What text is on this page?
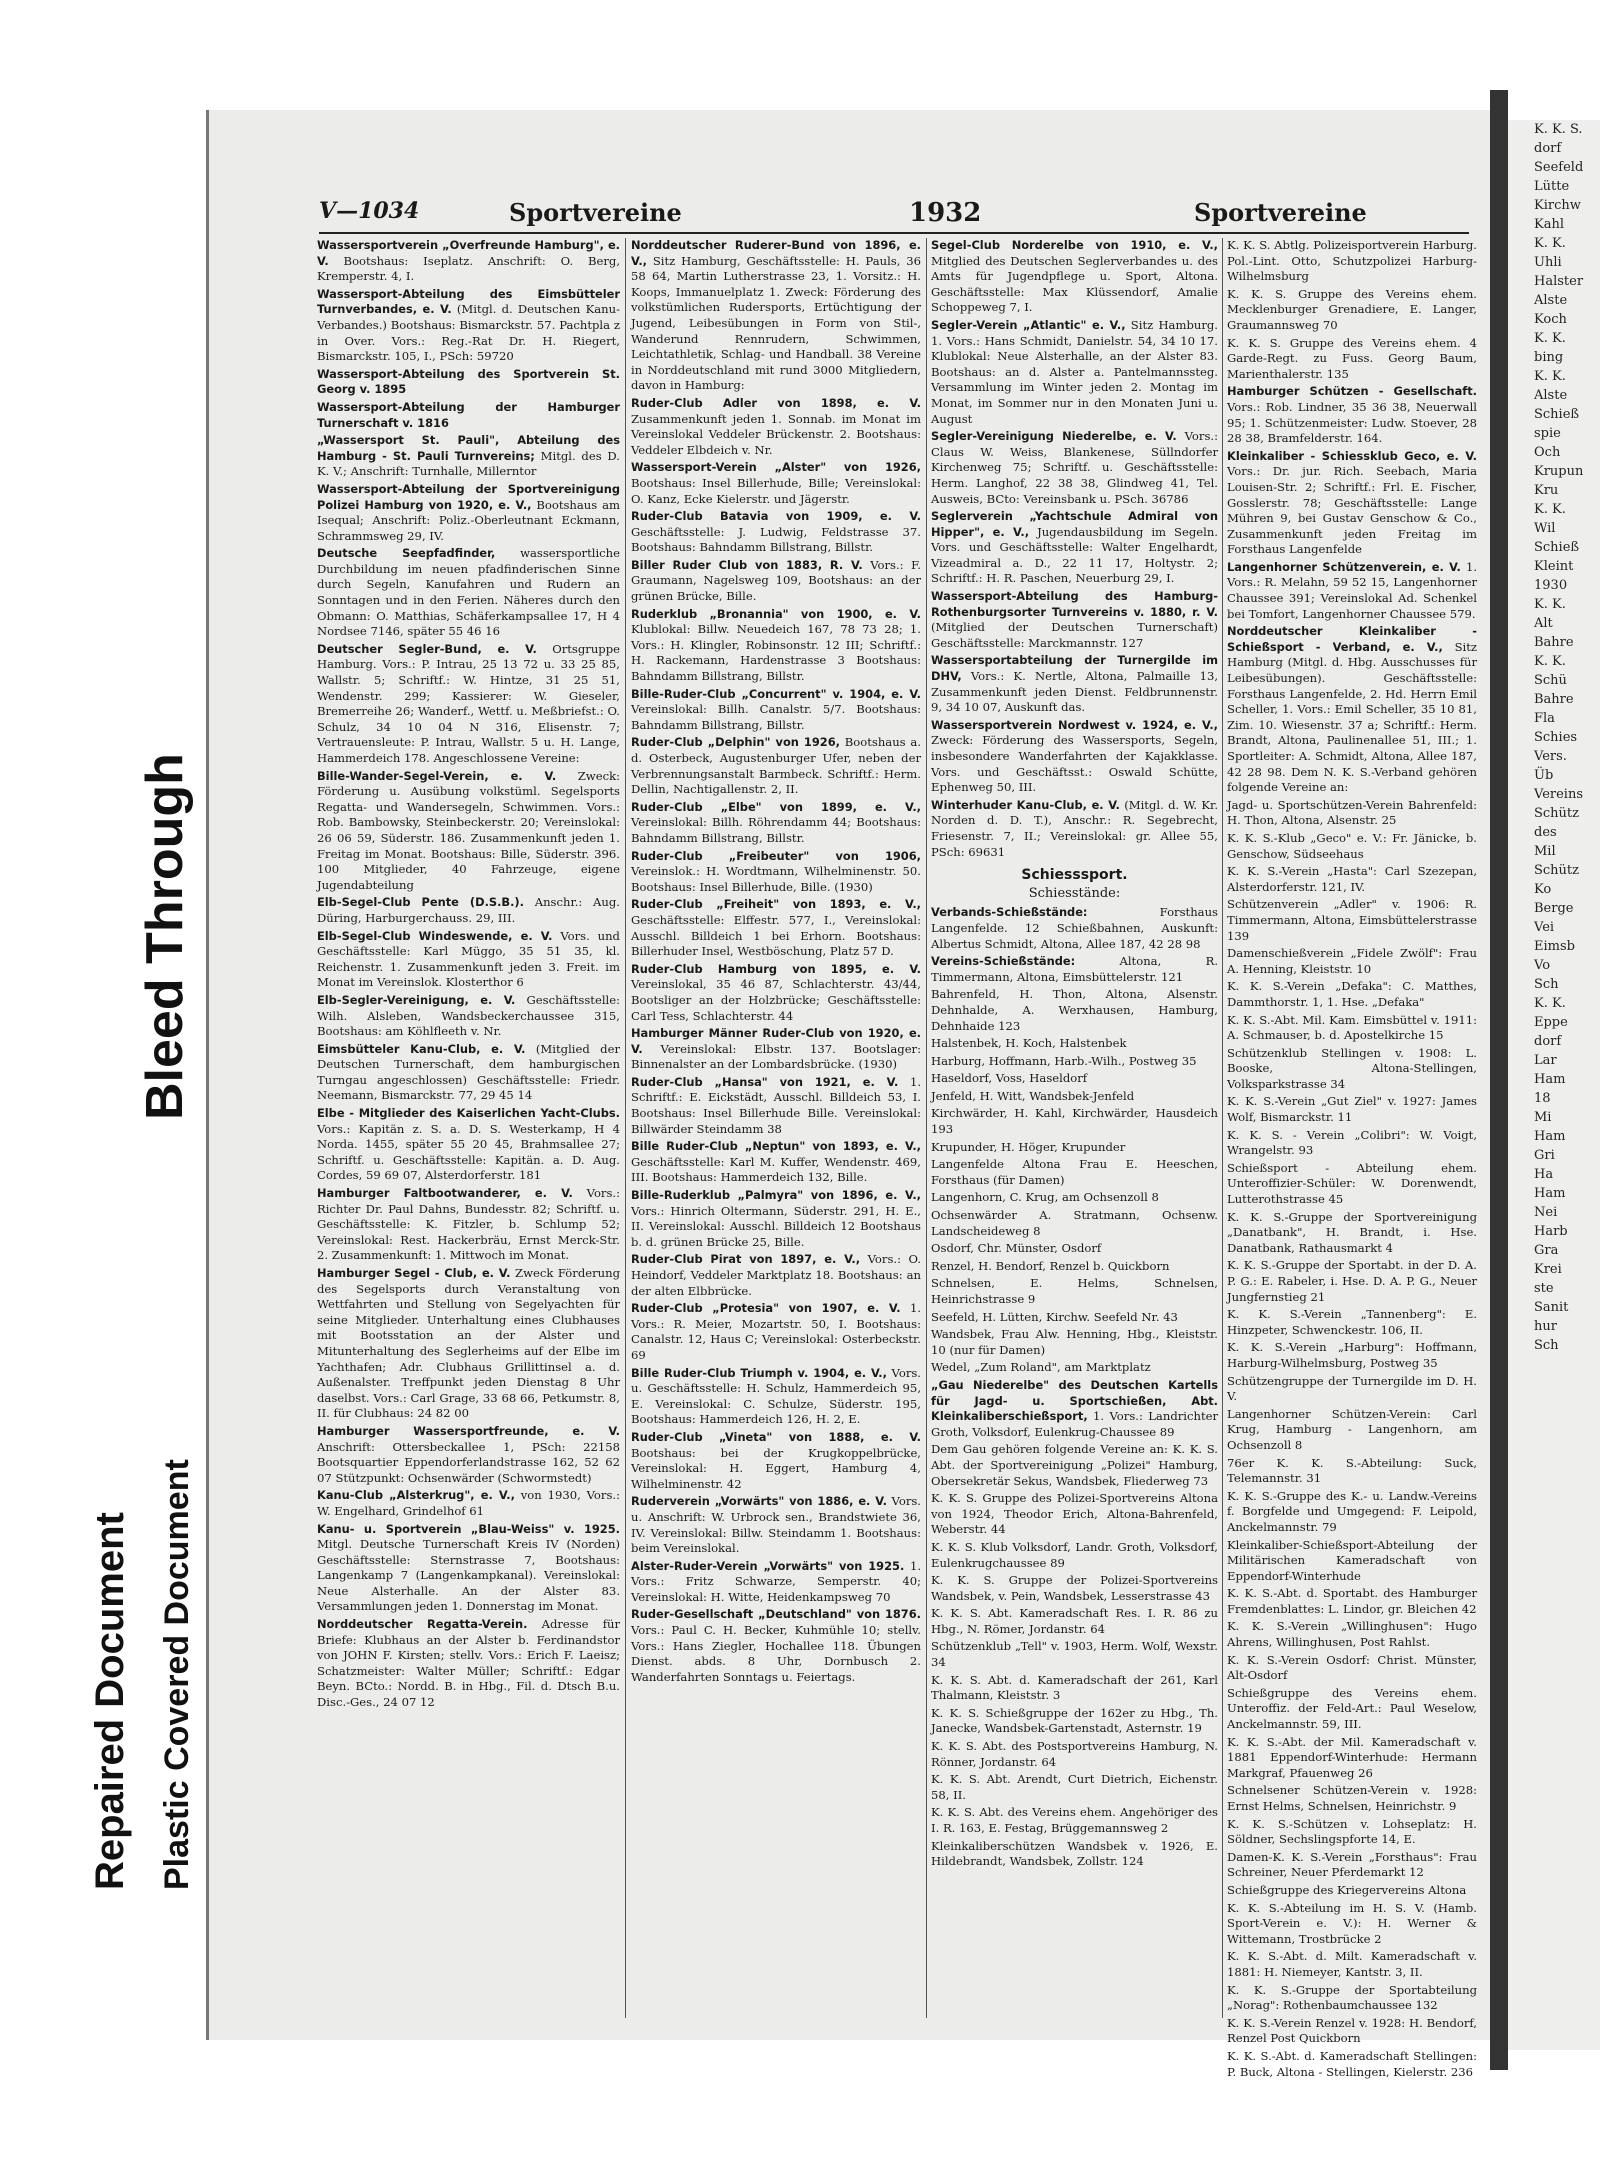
Bleed Through
Repaired Document Plastic Covered Document
V—1034	Sportvereine	1932	Sportvereine
Wassersportverein „Overfreunde Hamburg", e. V. Bootshaus: Iseplatz. Anschrift: O. Berg, Kremperstr. 4, I.
Wassersport-Abteilung des Eimsbütteler Turnverbandes, e. V. (Mitgl. d. Deutschen Kanu-Verbandes.) Bootshaus: Bismarckstr. 57. Pachtpla z in Over. Vors.: Reg.-Rat Dr. H. Riegert, Bismarckstr. 105, I., PSch: 59720
Wassersport-Abteilung des Sportverein St. Georg v. 1895
Wassersport-Abteilung der Hamburger Turnerschaft v. 1816
„Wassersport St. Pauli", Abteilung des Hamburg - St. Pauli Turnvereins; Mitgl. des D. K. V.; Anschrift: Turnhalle, Millerntor
Wassersport-Abteilung der Sportvereinigung Polizei Hamburg von 1920, e. V., Bootshaus am Isequal; Anschrift: Poliz.-Oberleutnant Eckmann, Schrammsweg 29, IV.
Deutsche Seepfadfinder, wassersportliche Durchbildung im neuen pfadfinderischen Sinne durch Segeln, Kanufahren und Rudern an Sonntagen und in den Ferien. Näheres durch den Obmann: O. Matthias, Schäferkampsallee 17, H 4 Nordsee 7146, später 55 46 16
Deutscher Segler-Bund, e. V. Ortsgruppe Hamburg. Vors.: P. Intrau, 25 13 72 u. 33 25 85, Wallstr. 5; Schriftf.: W. Hintze, 31 25 51, Wendenstr. 299; Kassierer: W. Gieseler, Bremerreihe 26; Wanderf., Wettf. u. Meßbriefst.: O. Schulz, 34 10 04 N 316, Elisenstr. 7; Vertrauensleute: P. Intrau, Wallstr. 5 u. H. Lange, Hammerdeich 178. Angeschlossene Vereine:
Bille-Wander-Segel-Verein, e. V. Zweck: Förderung u. Ausübung volkstüml. Segelsports Regatta- und Wandersegeln, Schwimmen. Vors.: Rob. Bambowsky, Steinbeckerstr. 20; Vereinslokal: 26 06 59, Süderstr. 186. Zusammenkunft jeden 1. Freitag im Monat. Bootshaus: Bille, Süderstr. 396. 100 Mitglieder, 40 Fahrzeuge, eigene Jugendabteilung
Elb-Segel-Club Pente (D.S.B.). Anschr.: Aug. Düring, Harburgerchauss. 29, III.
Elb-Segel-Club Windeswende, e. V. Vors. und Geschäftsstelle: Karl Müggo, 35 51 35, kl. Reichenstr. 1. Zusammenkunft jeden 3. Freit. im Monat im Vereinslok. Klosterthor 6
Elb-Segler-Vereinigung, e. V. Geschäftsstelle: Wilh. Alsleben, Wandsbeckerchaussee 315, Bootshaus: am Köhlfleeth v. Nr.
Eimsbütteler Kanu-Club, e. V. (Mitglied der Deutschen Turnerschaft, dem hamburgischen Turngau angeschlossen) Geschäftsstelle: Friedr. Neemann, Bismarckstr. 77, 29 45 14
Elbe - Mitglieder des Kaiserlichen Yacht-Clubs. Vors.: Kapitän z. S. a. D. S. Westerkamp, H 4 Norda. 1455, später 55 20 45, Brahmsallee 27; Schriftf. u. Geschäftsstelle: Kapitän. a. D. Aug. Cordes, 59 69 07, Alsterdorferstr. 181
Hamburger Faltbootwanderer, e. V. Vors.: Richter Dr. Paul Dahns, Bundesstr. 82; Schriftf. u. Geschäftsstelle: K. Fitzler, b. Schlump 52; Vereinslokal: Rest. Hackerbräu, Ernst Merck-Str. 2. Zusammenkunft: 1. Mittwoch im Monat.
Hamburger Segel - Club, e. V. Zweck Förderung des Segelsports durch Veranstaltung von Wettfahrten und Stellung von Segelyachten für seine Mitglieder. Unterhaltung eines Clubhauses mit Bootsstation an der Alster und Mitunterhaltung des Seglerheims auf der Elbe im Yachthafen; Adr. Clubhaus Grillittinsel a. d. Außenalster. Treffpunkt jeden Dienstag 8 Uhr daselbst. Vors.: Carl Grage, 33 68 66, Petkumstr. 8, II. für Clubhaus: 24 82 00
Hamburger Wassersportfreunde, e. V. Anschrift: Ottersbeckallee 1, PSch: 22158 Bootsquartier Eppendorferlandstrasse 162, 52 62 07 Stützpunkt: Ochsenwärder (Schwormstedt)
Kanu-Club „Alsterkrug", e. V., von 1930, Vors.: W. Engelhard, Grindelhof 61
Kanu- u. Sportverein „Blau-Weiss" v. 1925. Mitgl. Deutsche Turnerschaft Kreis IV (Norden) Geschäftsstelle: Sternstrasse 7, Bootshaus: Langenkamp 7 (Langenkampkanal). Vereinslokal: Neue Alsterhalle. An der Alster 83. Versammlungen jeden 1. Donnerstag im Monat.
Norddeutscher Regatta-Verein. Adresse für Briefe: Klubhaus an der Alster b. Ferdinandstor von JOHN F. Kirsten; stellv. Vors.: Erich F. Laeisz; Schatzmeister: Walter Müller; Schriftf.: Edgar Beyn. BCto.: Nordd. B. in Hbg., Fil. d. Dtsch B.u. Disc.-Ges., 24 07 12
Norddeutscher Ruderer-Bund von 1896, e. V., Sitz Hamburg, Geschäftsstelle: H. Pauls, 36 58 64, Martin Lutherstrasse 23, 1. Vorsitz.: H. Koops, Immanuelplatz 1. Zweck: Förderung des volkstümlichen Rudersports, Ertüchtigung der Jugend, Leibesübungen in Form von Stil-, Wanderund Rennrudern, Schwimmen, Leichtathletik, Schlag- und Handball. 38 Vereine in Norddeutschland mit rund 3000 Mitgliedern, davon in Hamburg:
Ruder-Club Adler von 1898, e. V. Zusammenkunft jeden 1. Sonnab. im Monat im Vereinslokal Veddeler Brückenstr. 2. Bootshaus: Veddeler Elbdeich v. Nr.
Wassersport-Verein „Alster" von 1926, Bootshaus: Insel Billerhude, Bille; Vereinslokal: O. Kanz, Ecke Kielerstr. und Jägerstr.
Ruder-Club Batavia von 1909, e. V. Geschäftsstelle: J. Ludwig, Feldstrasse 37. Bootshaus: Bahndamm Billstrang, Billstr.
Biller Ruder Club von 1883, R. V. Vors.: F. Graumann, Nagelsweg 109, Bootshaus: an der grünen Brücke, Bille.
Ruderklub „Bronannia" von 1900, e. V. Klublokal: Billw. Neuedeich 167, 78 73 28; 1. Vors.: H. Klingler, Robinsonstr. 12 III; Schriftf.: H. Rackemann, Hardenstrasse 3 Bootshaus: Bahndamm Billstrang, Billstr.
Bille-Ruder-Club „Concurrent" v. 1904, e. V. Vereinslokal: Billh. Canalstr. 5/7. Bootshaus: Bahndamm Billstrang, Billstr.
Ruder-Club „Delphin" von 1926, Bootshaus a. d. Osterbeck, Augustenburger Ufer, neben der Verbrennungsanstalt Barmbeck. Schriftf.: Herm. Dellin, Nachtigallenstr. 2, II.
Ruder-Club „Elbe" von 1899, e. V., Vereinslokal: Billh. Röhrendamm 44; Bootshaus: Bahndamm Billstrang, Billstr.
Ruder-Club „Freibeuter" von 1906, Vereinslok.: H. Wordtmann, Wilhelminenstr. 50. Bootshaus: Insel Billerhude, Bille. (1930)
Ruder-Club „Freiheit" von 1893, e. V., Geschäftsstelle: Elffestr. 577, I., Vereinslokal: Ausschl. Billdeich 1 bei Erhorn. Bootshaus: Billerhuder Insel, Westböschung, Platz 57 D.
Ruder-Club Hamburg von 1895, e. V. Vereinslokal, 35 46 87, Schlachterstr. 43/44, Bootsliger an der Holzbrücke; Geschäftsstelle: Carl Tess, Schlachterstr. 44
Hamburger Männer Ruder-Club von 1920, e. V. Vereinslokal: Elbstr. 137. Bootslager: Binnenalster an der Lombardsbrücke. (1930)
Ruder-Club „Hansa" von 1921, e. V. 1. Schriftf.: E. Eickstädt, Ausschl. Billdeich 53, I. Bootshaus: Insel Billerhude Bille. Vereinslokal: Billwärder Steindamm 38
Bille Ruder-Club „Neptun" von 1893, e. V., Geschäftsstelle: Karl M. Kuffer, Wendenstr. 469, III. Bootshaus: Hammerdeich 132, Bille.
Bille-Ruderklub „Palmyra" von 1896, e. V., Vors.: Hinrich Oltermann, Süderstr. 291, H. E., II. Vereinslokal: Ausschl. Billdeich 12 Bootshaus b. d. grünen Brücke 25, Bille.
Ruder-Club Pirat von 1897, e. V., Vors.: O. Heindorf, Veddeler Marktplatz 18. Bootshaus: an der alten Elbbrücke.
Ruder-Club „Protesia" von 1907, e. V. 1. Vors.: R. Meier, Mozartstr. 50, I. Bootshaus: Canalstr. 12, Haus C; Vereinslokal: Osterbeckstr. 69
Bille Ruder-Club Triumph v. 1904, e. V., Vors. u. Geschäftsstelle: H. Schulz, Hammerdeich 95, E. Vereinslokal: C. Schulze, Süderstr. 195, Bootshaus: Hammerdeich 126, H. 2, E.
Ruder-Club „Vineta" von 1888, e. V. Bootshaus: bei der Krugkoppelbrücke, Vereinslokal: H. Eggert, Hamburg 4, Wilhelminenstr. 42
Ruderverein „Vorwärts" von 1886, e. V. Vors. u. Anschrift: W. Urbrock sen., Brandstwiete 36, IV. Vereinslokal: Billw. Steindamm 1. Bootshaus: beim Vereinslokal.
Alster-Ruder-Verein „Vorwärts" von 1925. 1. Vors.: Fritz Schwarze, Semperstr. 40; Vereinslokal: H. Witte, Heidenkampsweg 70
Ruder-Gesellschaft „Deutschland" von 1876. Vors.: Paul C. H. Becker, Kuhmühle 10; stellv. Vors.: Hans Ziegler, Hochallee 118. Übungen Dienst. abds. 8 Uhr, Dornbusch 2. Wanderfahrten Sonntags u. Feiertags.
Segel-Club Norderelbe von 1910, e. V., Mitglied des Deutschen Seglerverbandes u. des Amts für Jugendpflege u. Sport, Altona. Geschäftsstelle: Max Klüssendorf, Amalie Schoppeweg 7, I.
Segler-Verein „Atlantic" e. V., Sitz Hamburg. 1. Vors.: Hans Schmidt, Danielstr. 54, 34 10 17. Klublokal: Neue Alsterhalle, an der Alster 83. Bootshaus: an d. Alster a. Pantelmannssteg. Versammlung im Winter jeden 2. Montag im Monat, im Sommer nur in den Monaten Juni u. August
Segler-Vereinigung Niederelbe, e. V. Vors.: Claus W. Weiss, Blankenese, Süllndorfer Kirchenweg 75; Schriftf. u. Geschäftsstelle: Herm. Langhof, 22 38 38, Glindweg 41, Tel. Ausweis, BCto: Vereinsbank u. PSch. 36786
Seglerverein „Yachtschule Admiral von Hipper", e. V., Jugendausbildung im Segeln. Vors. und Geschäftsstelle: Walter Engelhardt, Vizeadmiral a. D., 22 11 17, Holtystr. 2; Schriftf.: H. R. Paschen, Neuerburg 29, I.
Wassersport-Abteilung des Hamburg-Rothenburgsorter Turnvereins v. 1880, r. V. (Mitglied der Deutschen Turnerschaft) Geschäftsstelle: Marckmannstr. 127
Wassersportabteilung der Turnergilde im DHV, Vors.: K. Nertle, Altona, Palmaille 13, Zusammenkunft jeden Dienst. Feldbrunnenstr. 9, 34 10 07, Auskunft das.
Wassersportverein Nordwest v. 1924, e. V., Zweck: Förderung des Wassersports, Segeln, insbesondere Wanderfahrten der Kajakklasse. Vors. und Geschäftsst.: Oswald Schütte, Ephenweg 50, III.
Winterhuder Kanu-Club, e. V. (Mitgl. d. W. Kr. Norden d. D. T.), Anschr.: R. Segebrecht, Friesenstr. 7, II.; Vereinslokal: gr. Allee 55, PSch: 69631
Schiesssport.
Schiesstände:
Verbands-Schießstände:	Forsthaus Langenfelde. 12 Schießbahnen, Auskunft: Albertus Schmidt, Altona, Allee 187, 42 28 98
Vereins-Schießstände:	Altona, R. Timmermann, Altona, Eimsbüttelerstr. 121
Bahrenfeld, H. Thon, Altona, Alsenstr. Dehnhalde, A. Werxhausen, Hamburg, Dehnhaide 123
Halstenbek, H. Koch, Halstenbek
Harburg, Hoffmann, Harb.-Wilh., Postweg 35
Haseldorf, Voss, Haseldorf
Jenfeld, H. Witt, Wandsbek-Jenfeld
Kirchwärder, H. Kahl, Kirchwärder, Hausdeich 193
Krupunder, H. Höger, Krupunder
Langenfelde Altona Frau E. Heeschen, Forsthaus (für Damen)
Langenhorn, C. Krug, am Ochsenzoll 8
Ochsenwärder A. Stratmann, Ochsenw. Landscheideweg 8
Osdorf, Chr. Münster, Osdorf
Renzel, H. Bendorf, Renzel b. Quickborn
Schnelsen, E. Helms, Schnelsen, Heinrichstrasse 9
Seefeld, H. Lütten, Kirchw. Seefeld Nr. 43
Wandsbek, Frau Alw. Henning, Hbg., Kleiststr. 10 (nur für Damen)
Wedel, „Zum Roland", am Marktplatz
„Gau Niederelbe" des Deutschen Kartells für Jagd- u. Sportschießen, Abt. Kleinkaliberschießsport, 1. Vors.: Landrichter Groth, Volksdorf, Eulenkrug-Chaussee 89
Dem Gau gehören folgende Vereine an: K. K. S. Abt. der Sportvereinigung „Polizei" Hamburg, Obersekretär Sekus, Wandsbek, Fliederweg 73
K. K. S. Gruppe des Polizei-Sportvereins Altona von 1924, Theodor Erich, Altona-Bahrenfeld, Weberstr. 44
K. K. S. Klub Volksdorf, Landr. Groth, Volksdorf, Eulenkrugchaussee 89
K. K. S. Gruppe der Polizei-Sportvereins Wandsbek, v. Pein, Wandsbek, Lesserstrasse 43
K. K. S. Abt. Kameradschaft Res. I. R. 86 zu Hbg., N. Römer, Jordanstr. 64
Schützenklub „Tell" v. 1903, Herm. Wolf, Wexstr. 34
K. K. S. Abt. d. Kameradschaft der 261, Karl Thalmann, Kleiststr. 3
K. K. S. Schießgruppe der 162er zu Hbg., Th. Janecke, Wandsbek-Gartenstadt, Asternstr. 19
K. K. S. Abt. des Postsportvereins Hamburg, N. Rönner, Jordanstr. 64
K. K. S. Abt. Arendt, Curt Dietrich, Eichenstr. 58, II.
K. K. S. Abt. des Vereins ehem. Angehöriger des I. R. 163, E. Festag, Brüggemannsweg 2
Kleinkaliberschützen Wandsbek v. 1926, E. Hildebrandt, Wandsbek, Zollstr. 124
K. K. S. Abtlg. Polizeisportverein Harburg. Pol.-Lint. Otto, Schutzpolizei Harburg-Wilhelmsburg
K. K. S. Gruppe des Vereins ehem. Mecklenburger Grenadiere, E. Langer, Graumannsweg 70
K. K. S. Gruppe des Vereins ehem. 4 Garde-Regt. zu Fuss. Georg Baum, Marienthalerstr. 135
Hamburger Schützen - Gesellschaft. Vors.: Rob. Lindner, 35 36 38, Neuerwall 95; 1. Schützenmeister: Ludw. Stoever, 28 28 38, Bramfelderstr. 164.
Kleinkaliber - Schiessklub Geco, e. V. Vors.: Dr. jur. Rich. Seebach, Maria Louisen-Str. 2; Schriftf.: Frl. E. Fischer, Gosslerstr. 78; Geschäftsstelle: Lange Mühren 9, bei Gustav Genschow & Co., Zusammenkunft jeden Freitag im Forsthaus Langenfelde
Langenhorner Schützenverein, e. V. 1. Vors.: R. Melahn, 59 52 15, Langenhorner Chaussee 391; Vereinslokal Ad. Schenkel bei Tomfort, Langenhorner Chaussee 579.
Norddeutscher Kleinkaliber - Schießsport - Verband, e. V., Sitz Hamburg (Mitgl. d. Hbg. Ausschusses für Leibesübungen). Geschäftsstelle: Forsthaus Langenfelde, 2. Hd. Herrn Emil Scheller, 1. Vors.: Emil Scheller, 35 10 81, Zim. 10. Wiesenstr. 37 a; Schriftf.: Herm. Brandt, Altona, Paulinenallee 51, III.; 1. Sportleiter: A. Schmidt, Altona, Allee 187, 42 28 98. Dem N. K. S.-Verband gehören folgende Vereine an:
Jagd- u. Sportschützen-Verein Bahrenfeld: H. Thon, Altona, Alsenstr. 25
K. K. S.-Klub „Geco" e. V.: Fr. Jänicke, b. Genschow, Südseehaus
K. K. S.-Verein „Hasta": Carl Szezepan, Alsterdorferstr. 121, IV.
Schützenverein „Adler" v. 1906: R. Timmermann, Altona, Eimsbüttelerstrasse 139
Damenschießverein „Fidele Zwölf": Frau A. Henning, Kleiststr. 10
K. K. S.-Verein „Defaka": C. Matthes, Dammthorstr. 1, 1. Hse. „Defaka"
K. K. S.-Abt. Mil. Kam. Eimsbüttel v. 1911: A. Schmauser, b. d. Apostelkirche 15
Schützenklub Stellingen v. 1908: L. Booske, Altona-Stellingen, Volksparkstrasse 34
K. K. S.-Verein „Gut Ziel" v. 1927: James Wolf, Bismarckstr. 11
K. K. S. - Verein „Colibri": W. Voigt, Wrangelstr. 93
Schießsport - Abteilung ehem. Unteroffizier-Schüler: W. Dorenwendt, Lutterothstrasse 45
K. K. S.-Gruppe der Sportvereinigung „Danatbank", H. Brandt, i. Hse. Danatbank, Rathausmarkt 4
K. K. S.-Gruppe der Sportabt. in der D. A. P. G.: E. Rabeler, i. Hse. D. A. P. G., Neuer Jungfernstieg 21
K. K. S.-Verein „Tannenberg": E. Hinzpeter, Schwenckestr. 106, II.
K. K. S.-Verein „Harburg": Hoffmann, Harburg-Wilhelmsburg, Postweg 35
Schützengruppe der Turnergilde im D. H. V.
Langenhorner Schützen-Verein: Carl Krug, Hamburg - Langenhorn, am Ochsenzoll 8
76er K. K. S.-Abteilung: Suck, Telemannstr. 31
K. K. S.-Gruppe des K.- u. Landw.-Vereins f. Borgfelde und Umgegend: F. Leipold, Anckelmannstr. 79
Kleinkaliber-Schießsport-Abteilung der Militärischen Kameradschaft von Eppendorf-Winterhude
K. K. S.-Abt. d. Sportabt. des Hamburger Fremdenblattes: L. Lindor, gr. Bleichen 42
K. K. S.-Verein „Willinghusen": Hugo Ahrens, Willinghusen, Post Rahlst.
K. K. S.-Verein Osdorf: Christ. Münster, Alt-Osdorf
Schießgruppe des Vereins ehem. Unteroffiz. der Feld-Art.: Paul Weselow, Anckelmannstr. 59, III.
K. K. S.-Abt. der Mil. Kameradschaft v. 1881 Eppendorf-Winterhude: Hermann Markgraf, Pfauenweg 26
Schnelsener Schützen-Verein v. 1928: Ernst Helms, Schnelsen, Heinrichstr. 9
K. K. S.-Schützen v. Lohseplatz: H. Söldner, Sechslingspforte 14, E.
Damen-K. K. S.-Verein „Forsthaus": Frau Schreiner, Neuer Pferdemarkt 12
Schießgruppe des Kriegervereins Altona
K. K. S.-Abteilung im H. S. V. (Hamb. Sport-Verein e. V.): H. Werner & Wittemann, Trostbrücke 2
K. K. S.-Abt. d. Milt. Kameradschaft v. 1881: H. Niemeyer, Kantstr. 3, II.
K. K. S.-Gruppe der Sportabteilung „Norag": Rothenbaumchaussee 132
K. K. S.-Verein Renzel v. 1928: H. Bendorf, Renzel Post Quickborn
K. K. S.-Abt. d. Kameradschaft Stellingen: P. Buck, Altona - Stellingen, Kielerstr. 236
K. K. S.
dorf
Seefeld
Lütte
Kirchw
Kahl
K. K.
Uhli
Halster
Alste
Koch
K. K.
bing
K. K.
Alste
Schieß
spie
Och
Krupun
Kru
K. K.
Wil
Schieß
Kleint
1930
K. K.
Alt
Bahre
K. K.
Schü
Bahre
Fla
Schies
Vers.
Üb
Vereins
Schütz
des
Mil
Schütz
Ko
Berge
Vei
Eimsb
Vo
Sch
K. K.
Eppe
dorf
Lar
Ham
18
Mi
Ham
Gri
Ha
Ham
Nei
Harb
Gra
Krei
ste
Sanit
hur
Sch
